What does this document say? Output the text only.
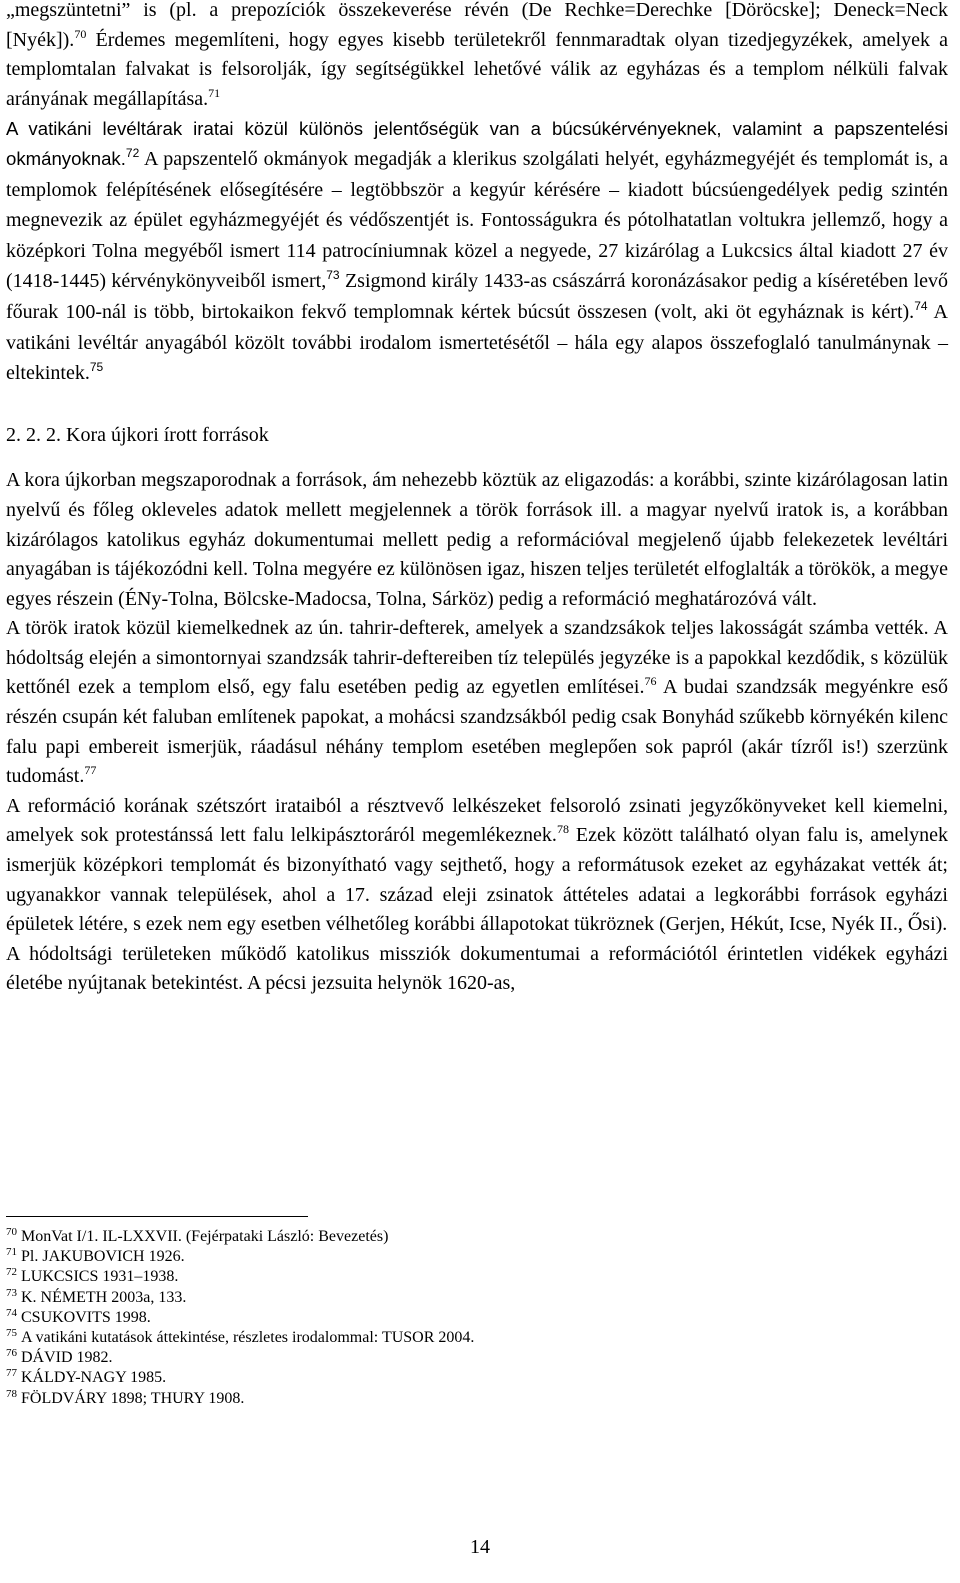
„megszüntetni” is (pl. a prepozíciók összekeverése révén (De Rechke=Derechke [Döröcske]; Deneck=Neck [Nyék]).$^{70}$ Érdemes megemlíteni, hogy egyes kisebb területekről fennmaradtak olyan tizedjegyzékek, amelyek a templomtalan falvakat is felsorolják, így segítségükkel lehetővé válik az egyházas és a templom nélküli falvak arányának megállapítása.$^{71}$

A vatikáni levéltárak iratai közül különös jelentőségük van a búcsúkérvényeknek, valamint a papszentelési okmányoknak.$^{72}$ A papszentelő okmányok megadják a klerikus szolgálati helyét, egyházmegyéjét és templomát is, a templomok felépítésének elősegítésére – legtöbbször a kegyúr kérésére – kiadott búcsúengedélyek pedig szintén megnevezik az épület egyházmegyéjét és védőszentjét is. Fontosságukra és pótolhatatlan voltukra jellemző, hogy a középkori Tolna megyéből ismert 114 patrocíniumnak közel a negyede, 27 kizárólag a Lukcsics által kiadott 27 év (1418-1445) kérvénykönyveiből ismert,$^{73}$ Zsigmond király 1433-as császárrá koronázásakor pedig a kíséretében levő főurak 100-nál is több, birtokaikon fekvő templomnak kértek búcsút összesen (volt, aki öt egyháznak is kért).$^{74}$ A vatikáni levéltár anyagából közölt további irodalom ismertetésétől – hála egy alapos összefoglaló tanulmánynak – eltekintek.$^{75}$

2. 2. 2. Kora újkori írott források

A kora újkorban megszaporodnak a források, ám nehezebb köztük az eligazodás: a korábbi, szinte kizárólagosan latin nyelvű és főleg okleveles adatok mellett megjelennek a török források ill. a magyar nyelvű iratok is, a korábban kizárólagos katolikus egyház dokumentumai mellett pedig a reformációval megjelenő újabb felekezetek levéltári anyagában is tájékozódni kell. Tolna megyére ez különösen igaz, hiszen teljes területét elfoglalták a törökök, a megye egyes részein (ÉNy-Tolna, Bölcske-Madocsa, Tolna, Sárköz) pedig a reformáció meghatározóvá vált.

A török iratok közül kiemelkednek az ún. tahrir-defterek, amelyek a szandzsákok teljes lakosságát számba vették. A hódoltság elején a simontornyai szandzsák tahrir-deftereiben tíz település jegyzéke is a papokkal kezdődik, s közülük kettőnél ezek a templom első, egy falu esetében pedig az egyetlen említései.$^{76}$ A budai szandzsák megyénkre eső részén csupán két faluban említenek papokat, a mohácsi szandzsákból pedig csak Bonyhád szűkebb környékén kilenc falu papi embereit ismerjük, ráadásul néhány templom esetében meglepően sok papról (akár tízről is!) szerzünk tudomást.$^{77}$

A reformáció korának szétszórt irataiból a résztvevő lelkészeket felsoroló zsinati jegyzőkönyveket kell kiemelni, amelyek sok protestánssá lett falu lelkipásztoráról megemlékeznek.$^{78}$ Ezek között található olyan falu is, amelynek ismerjük középkori templomát és bizonyítható vagy sejthető, hogy a reformátusok ezeket az egyházakat vették át; ugyanakkor vannak települések, ahol a 17. század eleji zsinatok áttételes adatai a legkorábbi források egyházi épületek létére, s ezek nem egy esetben vélhetőleg korábbi állapotokat tükröznek (Gerjen, Hékút, Icse, Nyék II., Ősi).

A hódoltsági területeken működő katolikus missziók dokumentumai a reformációtól érintetlen vidékek egyházi életébe nyújtanak betekintést. A pécsi jezsuita helynök 1620-as,

$^{70}$ MonVat I/1. IL-LXXVII. (Fejérpataki László: Bevezetés)

$^{71}$ Pl. JAKUBOVICH 1926.

$^{72}$ LUKCSICS 1931–1938.

$^{73}$ K. NÉMETH 2003a, 133.

$^{74}$ CSUKOVITS 1998.

$^{75}$ A vatikáni kutatások áttekintése, részletes irodalommal: TUSOR 2004.

$^{76}$ DÁVID 1982.

$^{77}$ KÁLDY-NAGY 1985.

$^{78}$ FÖLDVÁRY 1898; THURY 1908.

14
